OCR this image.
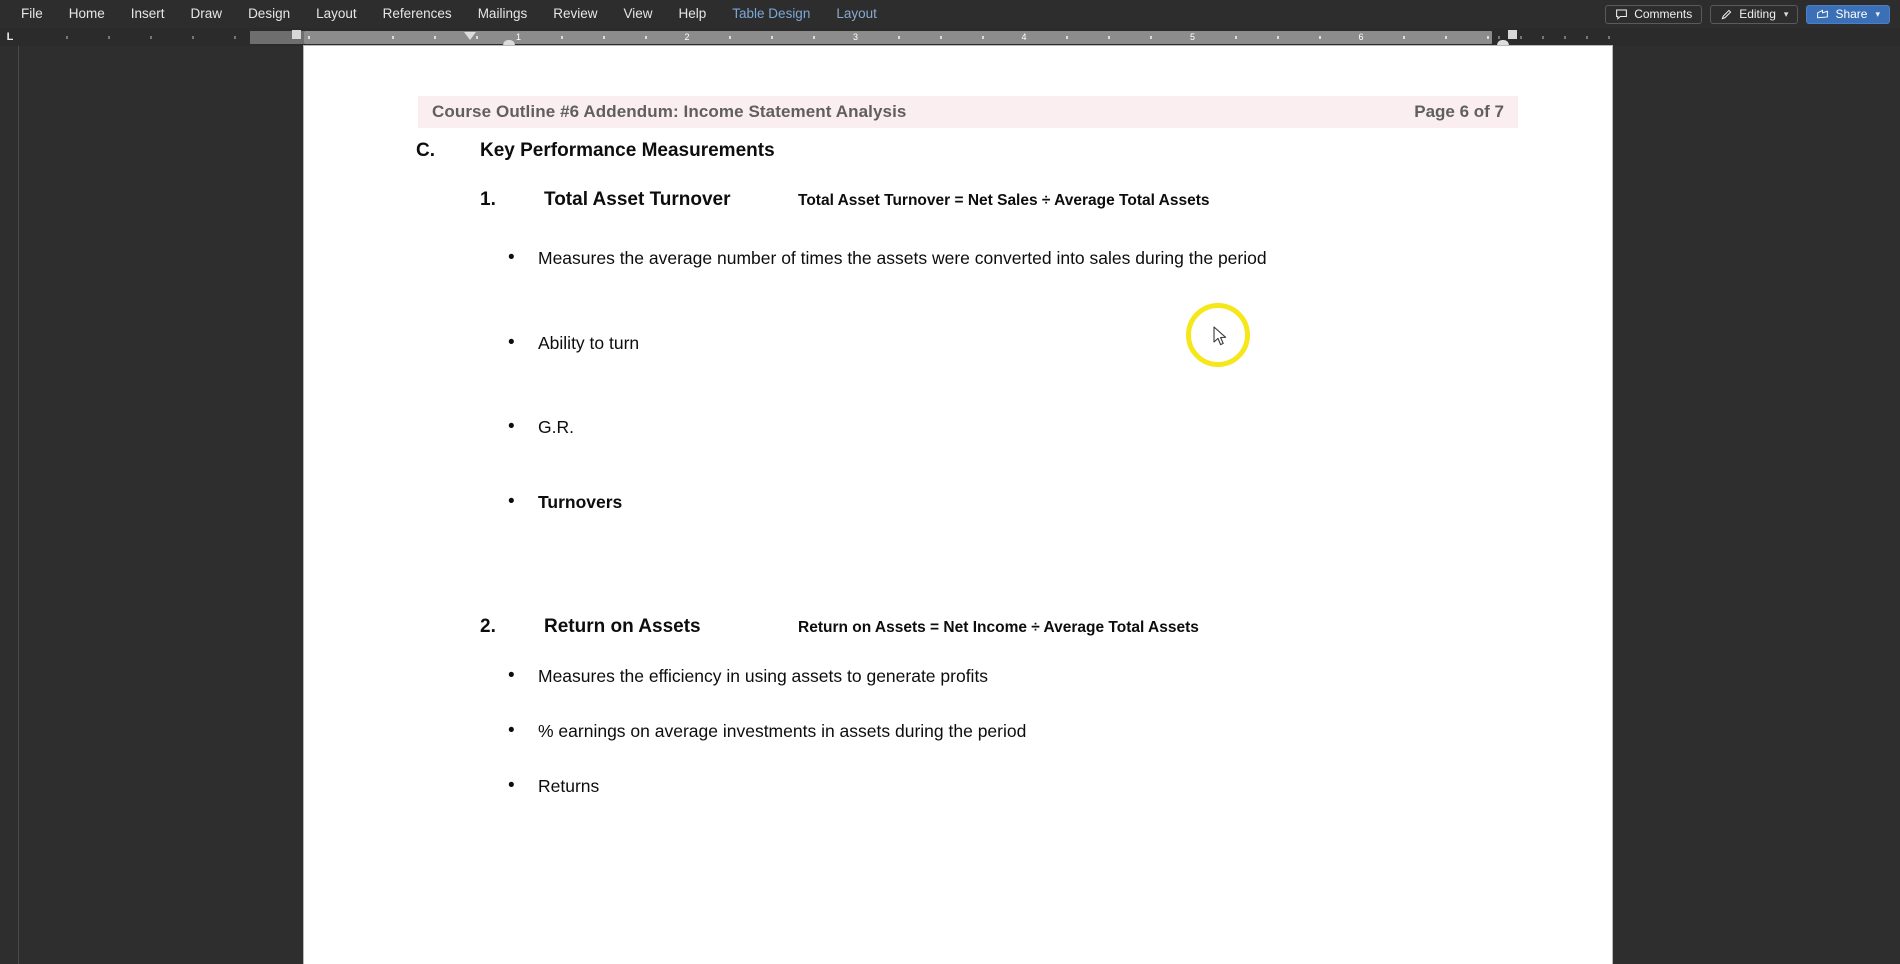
File	Home	Insert	Draw	Design	Layout	References	Mailings	Review	View	Help	Table Design	Layout	Comments	Editing ▾	Share ▾
L	1	2	3	4	5	6
Course Outline #6 Addendum: Income Statement Analysis	Page 6 of 7
C.	Key Performance Measurements
1.	Total Asset Turnover	Total Asset Turnover = Net Sales ÷ Average Total Assets
•	Measures the average number of times the assets were converted into sales during the period
•	Ability to turn
•	G.R.
•	Turnovers
2.	Return on Assets	Return on Assets = Net Income ÷ Average Total Assets
•	Measures the efficiency in using assets to generate profits
•	% earnings on average investments in assets during the period
•	Returns
